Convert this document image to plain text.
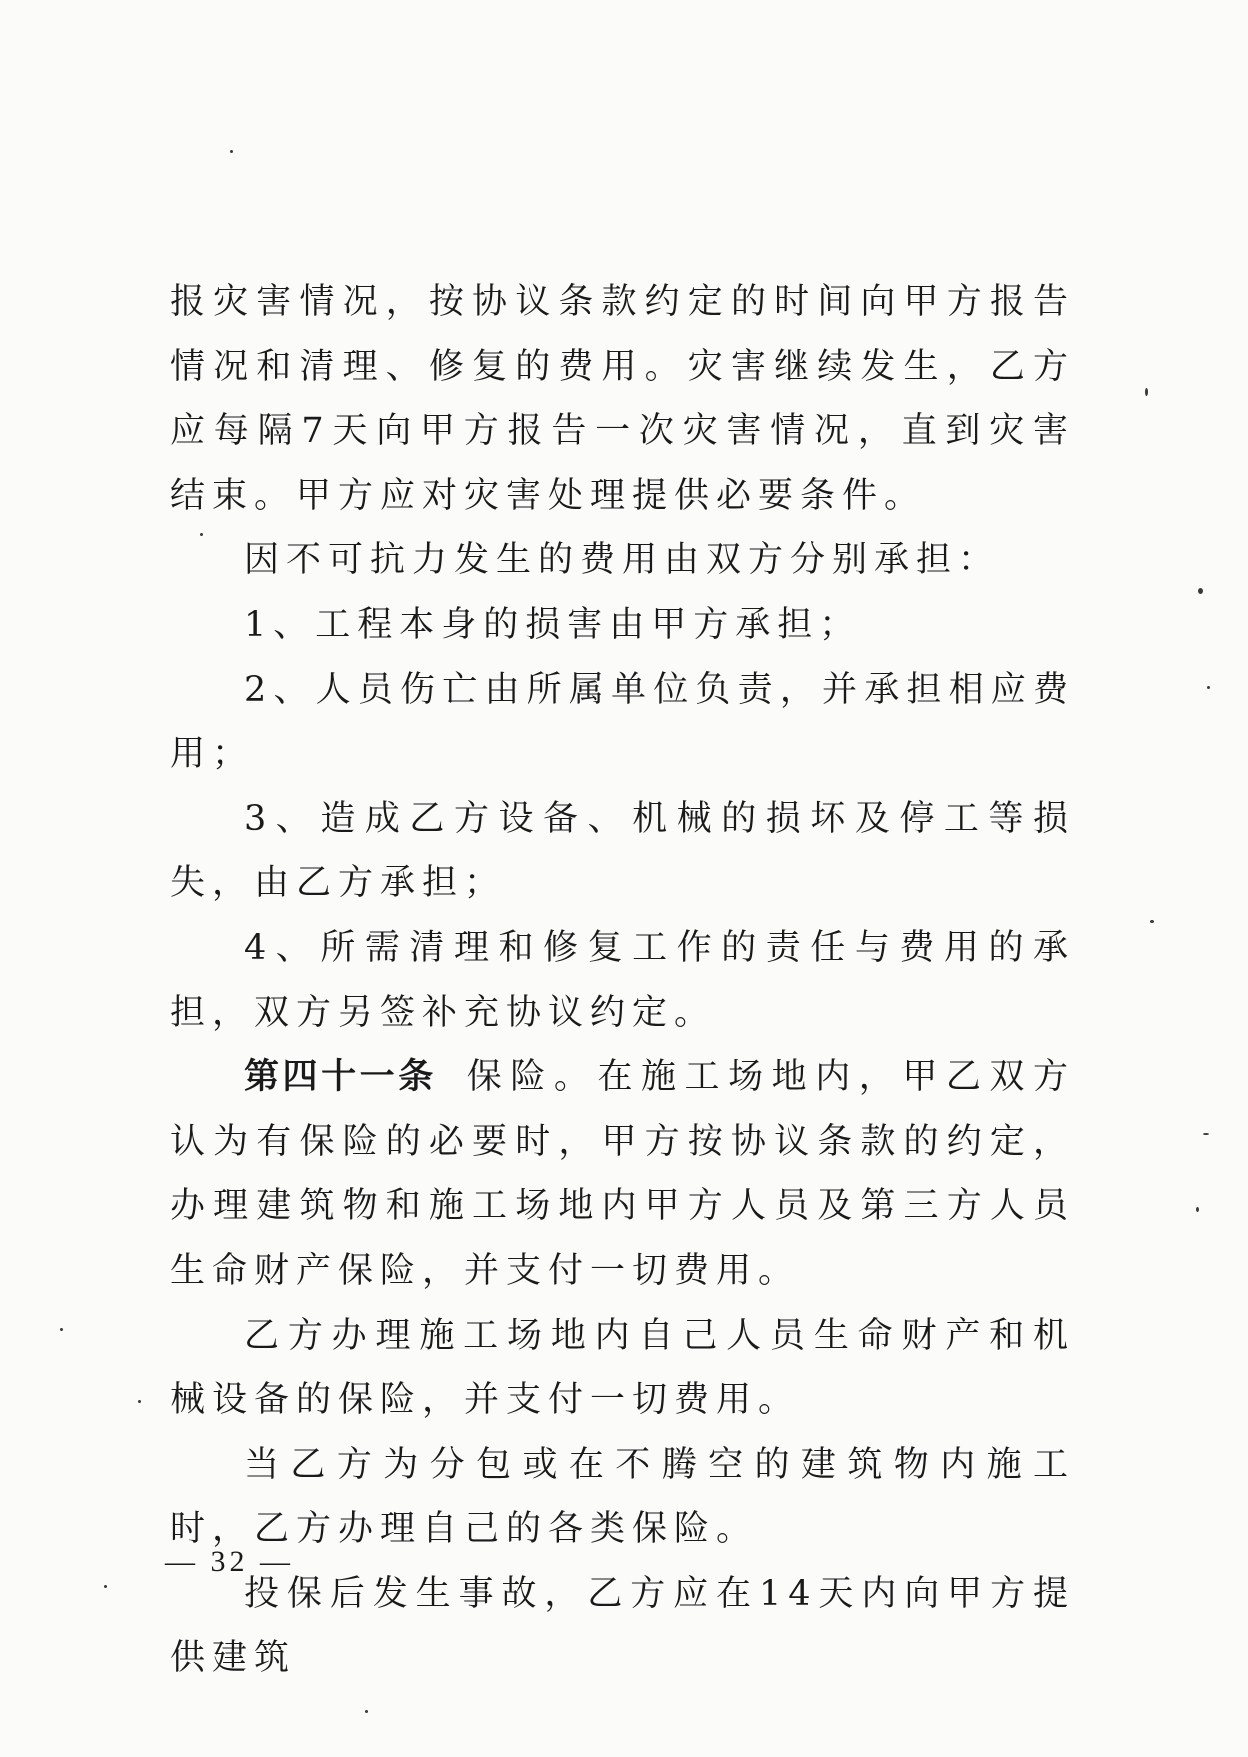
报灾害情况，按协议条款约定的时间向甲方报告情况和清理、修复的费用。灾害继续发生，乙方应每隔7天向甲方报告一次灾害情况，直到灾害结束。甲方应对灾害处理提供必要条件。

因不可抗力发生的费用由双方分别承担：

1、工程本身的损害由甲方承担；

2、人员伤亡由所属单位负责，并承担相应费用；

3、造成乙方设备、机械的损坏及停工等损失，由乙方承担；

4、所需清理和修复工作的责任与费用的承担，双方另签补充协议约定。

第四十一条 保险。在施工场地内，甲乙双方认为有保险的必要时，甲方按协议条款的约定，办理建筑物和施工场地内甲方人员及第三方人员生命财产保险，并支付一切费用。

乙方办理施工场地内自己人员生命财产和机械设备的保险，并支付一切费用。

当乙方为分包或在不腾空的建筑物内施工时，乙方办理自己的各类保险。

投保后发生事故，乙方应在14天内向甲方提供建筑

— 32 —
